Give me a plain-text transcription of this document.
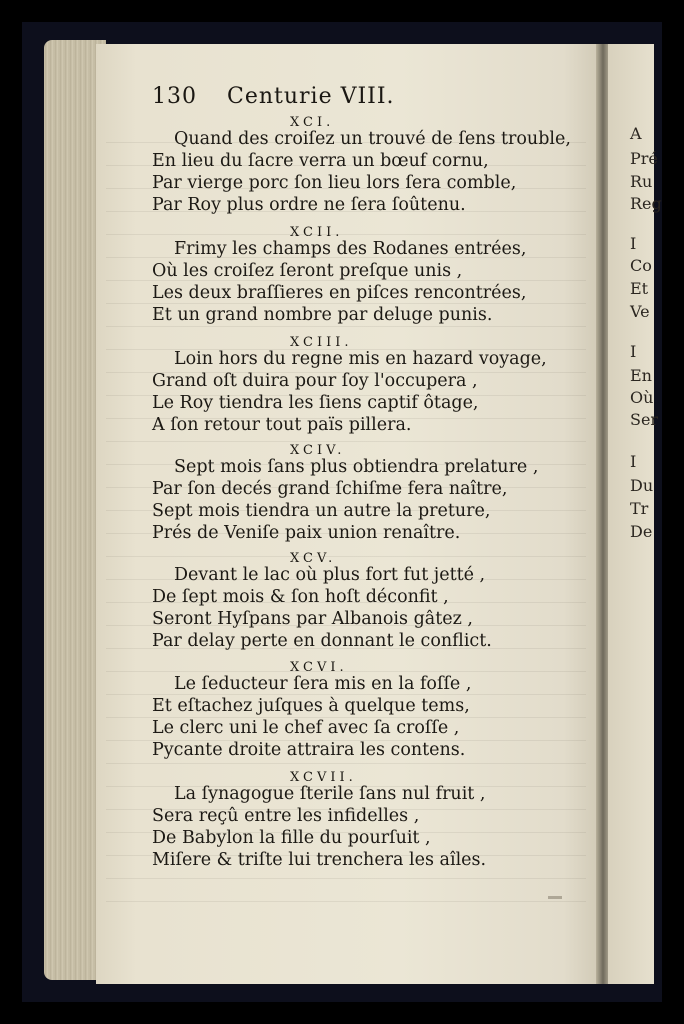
130 Centurie VIII.
XCI.
Quand des croiſez un trouvé de ſens trouble,
En lieu du ſacre verra un bœuf cornu,
Par vierge porc ſon lieu lors ſera comble,
Par Roy plus ordre ne ſera ſoûtenu.
XCII.
Frimy les champs des Rodanes entrées,
Où les croiſez ſeront preſque unis ,
Les deux braſſieres en piſces rencontrées,
Et un grand nombre par deluge punis.
XCIII.
Loin hors du regne mis en hazard voyage,
Grand oſt duira pour ſoy l'occupera ,
Le Roy tiendra les ſiens captif ôtage,
A ſon retour tout païs pillera.
XCIV.
Sept mois ſans plus obtiendra prelature ,
Par ſon decés grand ſchiſme fera naître,
Sept mois tiendra un autre la preture,
Prés de Veniſe paix union renaître.
XCV.
Devant le lac où plus fort fut jetté ,
De ſept mois & ſon hoſt déconfit ,
Seront Hyſpans par Albanois gâtez ,
Par delay perte en donnant le conflict.
XCVI.
Le ſeducteur ſera mis en la foſſe ,
Et eſtachez juſques à quelque tems,
Le clerc uni le chef avec ſa croſſe ,
Pycante droite attraira les contens.
XCVII.
La ſynagogue ſterile ſans nul fruit ,
Sera reçû entre les infidelles ,
De Babylon la fille du pourſuit ,
Miſere & triſte lui trenchera les aîles.
A
Pré
Ru
Reg
I
Co
Et
Ve
I
En
Où
Ser
I
Du
Tr
De
